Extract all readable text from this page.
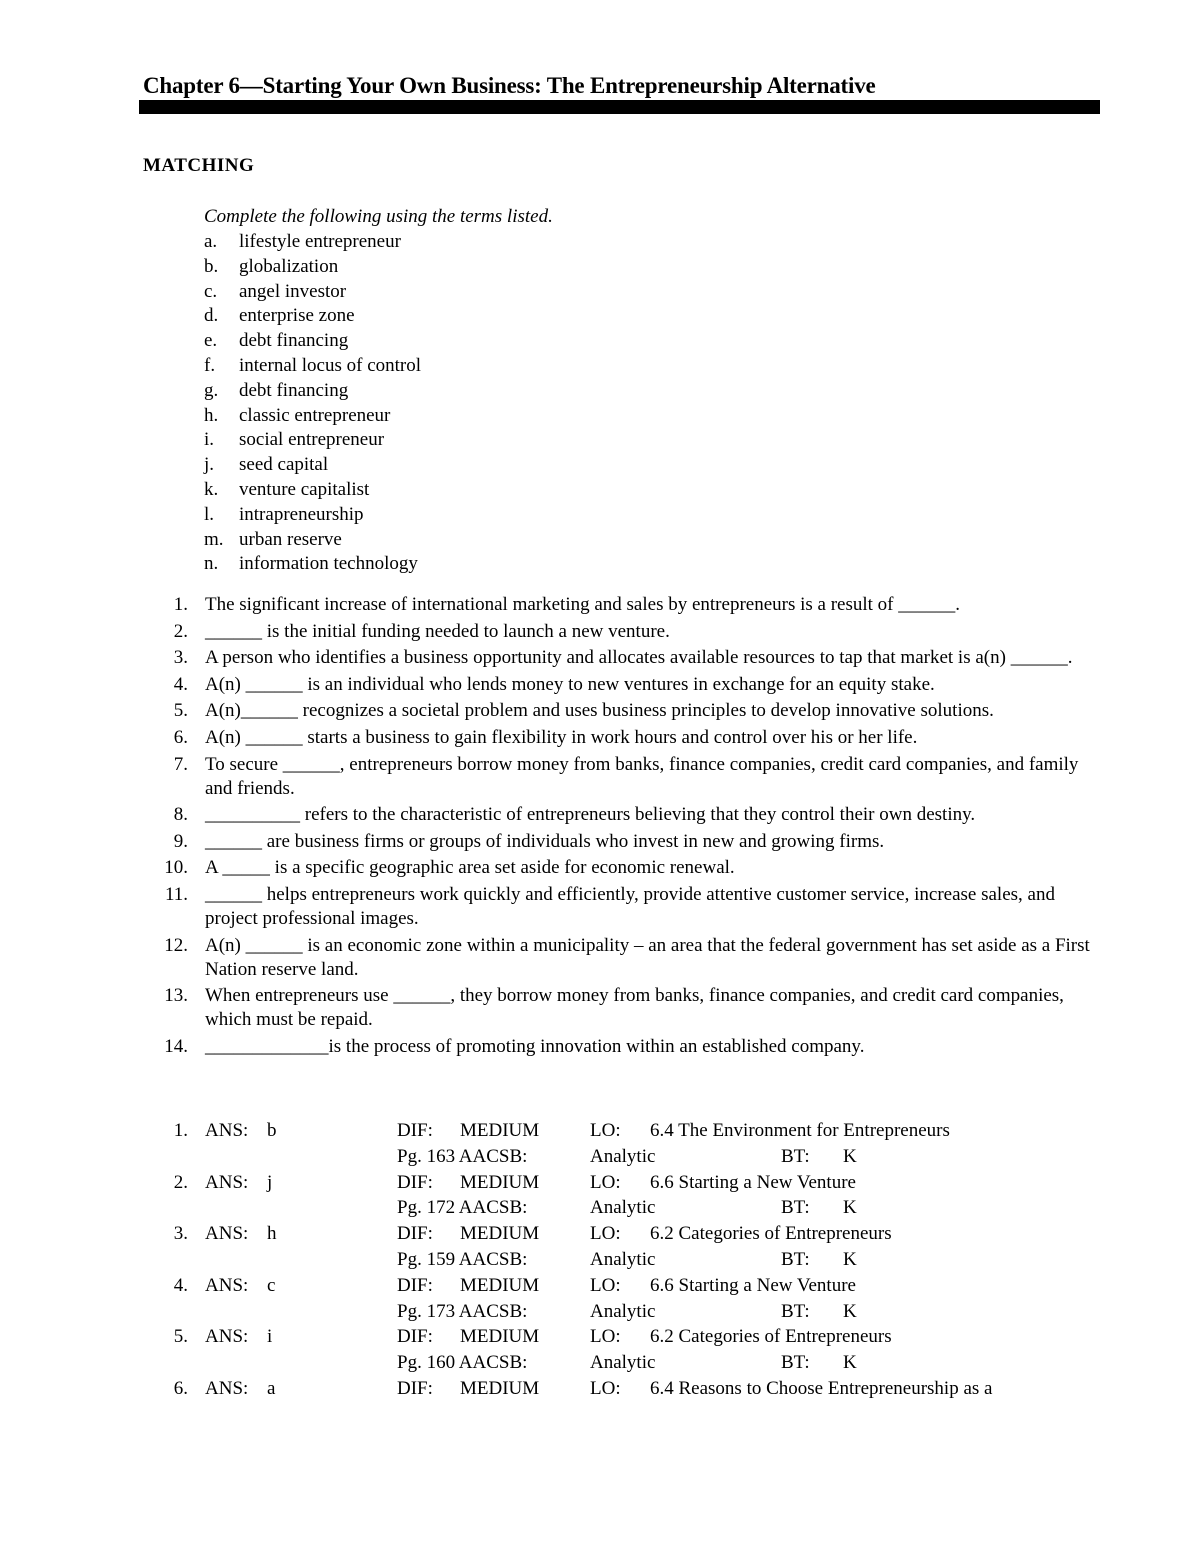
Chapter 6—Starting Your Own Business: The Entrepreneurship Alternative
MATCHING
Complete the following using the terms listed.
a. lifestyle entrepreneur
b. globalization
c. angel investor
d. enterprise zone
e. debt financing
f. internal locus of control
g. debt financing
h. classic entrepreneur
i. social entrepreneur
j. seed capital
k. venture capitalist
l. intrapreneurship
m. urban reserve
n. information technology
1. The significant increase of international marketing and sales by entrepreneurs is a result of ______.
2. ______ is the initial funding needed to launch a new venture.
3. A person who identifies a business opportunity and allocates available resources to tap that market is a(n) ______.
4. A(n) ______ is an individual who lends money to new ventures in exchange for an equity stake.
5. A(n)______ recognizes a societal problem and uses business principles to develop innovative solutions.
6. A(n) ______ starts a business to gain flexibility in work hours and control over his or her life.
7. To secure ______, entrepreneurs borrow money from banks, finance companies, credit card companies, and family and friends.
8. __________ refers to the characteristic of entrepreneurs believing that they control their own destiny.
9. ______ are business firms or groups of individuals who invest in new and growing firms.
10. A _____ is a specific geographic area set aside for economic renewal.
11. ______ helps entrepreneurs work quickly and efficiently, provide attentive customer service, increase sales, and project professional images.
12. A(n) ______ is an economic zone within a municipality – an area that the federal government has set aside as a First Nation reserve land.
13. When entrepreneurs use ______, they borrow money from banks, finance companies, and credit card companies, which must be repaid.
14. _____________is the process of promoting innovation within an established company.
1. ANS: b	DIF: MEDIUM	LO: 6.4 The Environment for Entrepreneurs
Pg. 163 AACSB:	Analytic	BT: K
2. ANS: j	DIF: MEDIUM	LO: 6.6 Starting a New Venture
Pg. 172 AACSB:	Analytic	BT: K
3. ANS: h	DIF: MEDIUM	LO: 6.2 Categories of Entrepreneurs
Pg. 159 AACSB:	Analytic	BT: K
4. ANS: c	DIF: MEDIUM	LO: 6.6 Starting a New Venture
Pg. 173 AACSB:	Analytic	BT: K
5. ANS: i	DIF: MEDIUM	LO: 6.2 Categories of Entrepreneurs
Pg. 160 AACSB:	Analytic	BT: K
6. ANS: a	DIF: MEDIUM	LO: 6.4 Reasons to Choose Entrepreneurship as a
